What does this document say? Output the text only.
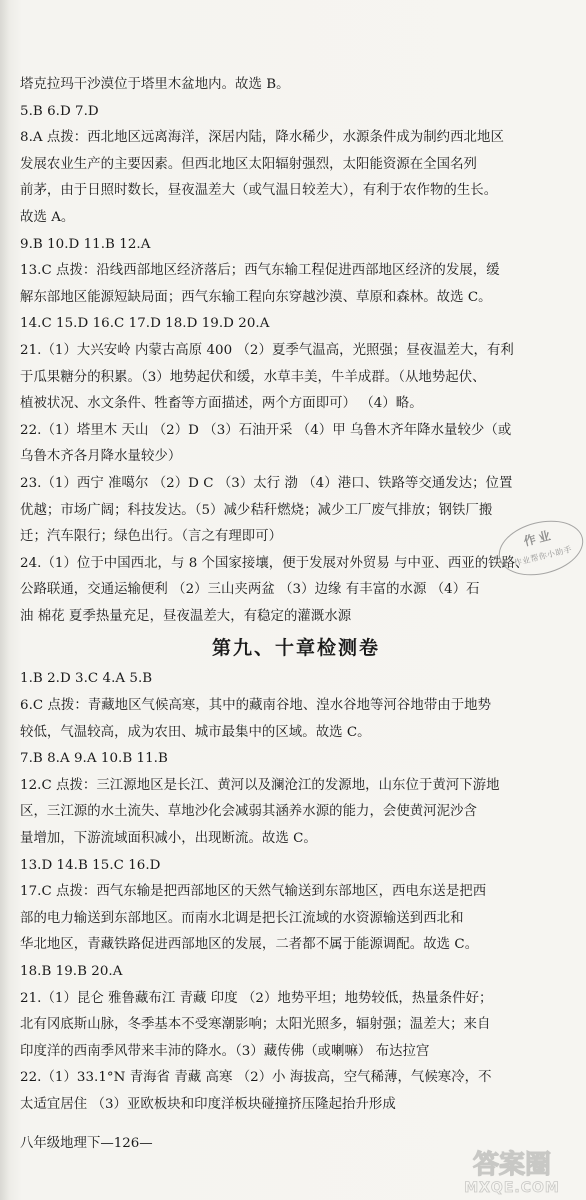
塔克拉玛干沙漠位于塔里木盆地内。故选 B。
5.B 6.D 7.D
8.A 点拨：西北地区远离海洋，深居内陆，降水稀少，水源条件成为制约西北地区
发展农业生产的主要因素。但西北地区太阳辐射强烈，太阳能资源在全国名列
前茅，由于日照时数长，昼夜温差大（或气温日较差大），有利于农作物的生长。
故选 A。
9.B 10.D 11.B 12.A
13.C 点拨：沿线西部地区经济落后；西气东输工程促进西部地区经济的发展，缓
解东部地区能源短缺局面；西气东输工程向东穿越沙漠、草原和森林。故选 C。
14.C 15.D 16.C 17.D 18.D 19.D 20.A
21.（1）大兴安岭 内蒙古高原 400 （2）夏季气温高，光照强；昼夜温差大，有利
于瓜果糖分的积累。（3）地势起伏和缓，水草丰美，牛羊成群。（从地势起伏、
植被状况、水文条件、牲畜等方面描述，两个方面即可） （4）略。
22.（1）塔里木 天山 （2）D （3）石油开采 （4）甲 乌鲁木齐年降水量较少（或
乌鲁木齐各月降水量较少）
23.（1）西宁 准噶尔 （2）D C （3）太行 渤 （4）港口、铁路等交通发达；位置
优越；市场广阔；科技发达。（5）减少秸秆燃烧；减少工厂废气排放；钢铁厂搬
迁；汽车限行；绿色出行。（言之有理即可）
24.（1）位于中国西北，与 8 个国家接壤，便于发展对外贸易 与中亚、西亚的铁路、
公路联通，交通运输便利 （2）三山夹两盆 （3）边缘 有丰富的水源 （4）石
油 棉花 夏季热量充足，昼夜温差大，有稳定的灌溉水源
第九、十章检测卷
1.B 2.D 3.C 4.A 5.B
6.C 点拨：青藏地区气候高寒，其中的藏南谷地、湟水谷地等河谷地带由于地势
较低，气温较高，成为农田、城市最集中的区域。故选 C。
7.B 8.A 9.A 10.B 11.B
12.C 点拨：三江源地区是长江、黄河以及澜沧江的发源地，山东位于黄河下游地
区，三江源的水土流失、草地沙化会减弱其涵养水源的能力，会使黄河泥沙含
量增加，下游流域面积减小，出现断流。故选 C。
13.D 14.B 15.C 16.D
17.C 点拨：西气东输是把西部地区的天然气输送到东部地区，西电东送是把西
部的电力输送到东部地区。而南水北调是把长江流域的水资源输送到西北和
华北地区，青藏铁路促进西部地区的发展，二者都不属于能源调配。故选 C。
18.B 19.B 20.A
21.（1）昆仑 雅鲁藏布江 青藏 印度 （2）地势平坦；地势较低，热量条件好；
北有冈底斯山脉，冬季基本不受寒潮影响；太阳光照多，辐射强；温差大；来自
印度洋的西南季风带来丰沛的降水。（3）藏传佛（或喇嘛） 布达拉宫
22.（1）33.1°N 青海省 青藏 高寒 （2）小 海拔高，空气稀薄，气候寒冷，不
太适宜居住 （3）亚欧板块和印度洋板块碰撞挤压隆起抬升形成
八年级地理下—126—
作业
作业帮你小助手
答案圈
MXQE.COM
